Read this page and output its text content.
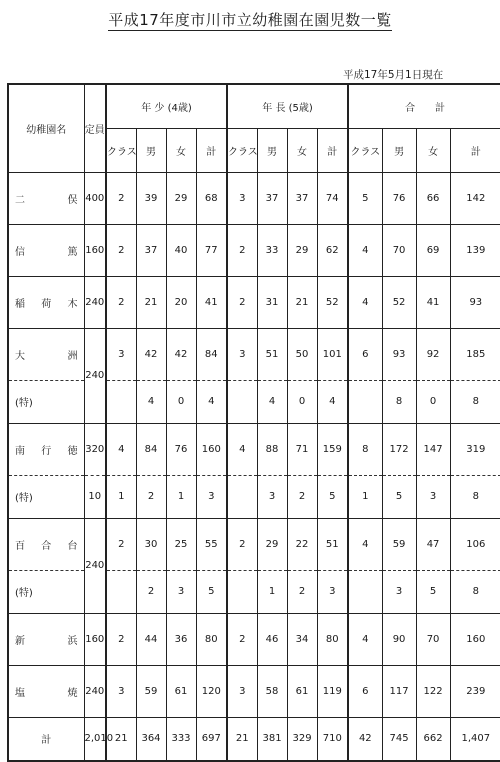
平成17年度市川市立幼稚園在園児数一覧
平成17年5月1日現在
幼稚園名	定員	年 少 (4歳)				年 長 (5歳)				合　　計			
		クラス	男	女	計	クラス	男	女	計	クラス	男	女	計
二　俣	400	2	39	29	68	3	37	37	74	5	76	66	142
信　篤	160	2	37	40	77	2	33	29	62	4	70	69	139
稲荷木	240	2	21	20	41	2	31	21	52	4	52	41	93
大　洲	240	3	42	42	84	3	51	50	101	6	93	92	185
(特)			4	0	4		4	0	4		8	0	8
南行徳	320	4	84	76	160	4	88	71	159	8	172	147	319
(特)	10	1	2	1	3		3	2	5	1	5	3	8
百合台	240	2	30	25	55	2	29	22	51	4	59	47	106
(特)			2	3	5		1	2	3		3	5	8
新　浜	160	2	44	36	80	2	46	34	80	4	90	70	160
塩　焼	240	3	59	61	120	3	58	61	119	6	117	122	239
計	2,010	21	364	333	697	21	381	329	710	42	745	662	1,407
